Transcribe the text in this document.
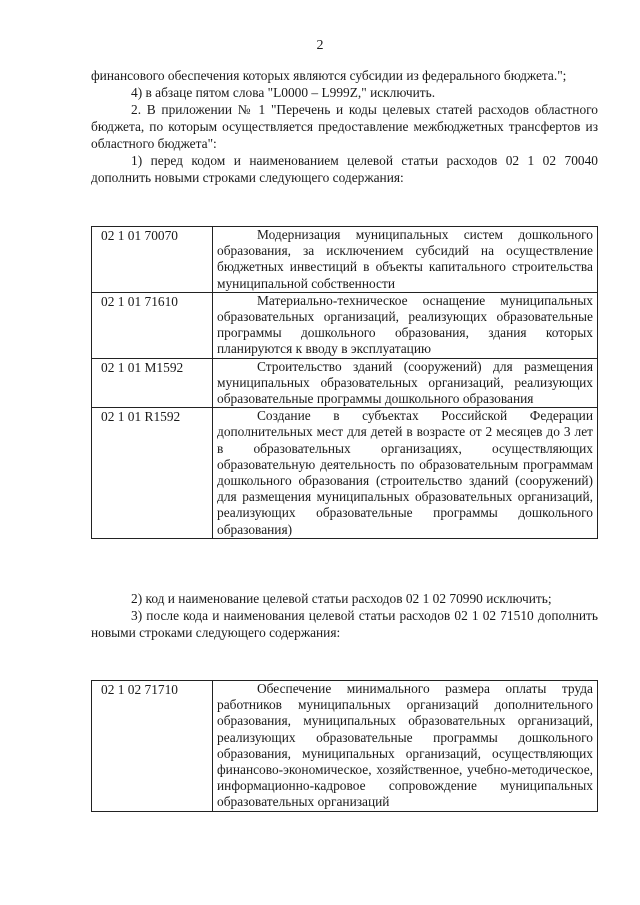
2

финансового обеспечения которых являются субсидии из федерального бюджета.";

4) в абзаце пятом слова "L0000 – L999Z," исключить.

2. В приложении № 1 "Перечень и коды целевых статей расходов областного бюджета, по которым осуществляется предоставление межбюджетных трансфертов из областного бюджета":

1) перед кодом и наименованием целевой статьи расходов 02 1 02 70040 дополнить новыми строками следующего содержания:

02 1 01 70070	Модернизация муниципальных систем дошкольного образования, за исключением субсидий на осуществление бюджетных инвестиций в объекты капитального строительства муниципальной собственности
02 1 01 71610	Материально-техническое оснащение муниципальных образовательных организаций, реализующих образовательные программы дошкольного образования, здания которых планируются к вводу в эксплуатацию
02 1 01 M1592	Строительство зданий (сооружений) для размещения муниципальных образовательных организаций, реализующих образовательные программы дошкольного образования
02 1 01 R1592	Создание в субъектах Российской Федерации дополнительных мест для детей в возрасте от 2 месяцев до 3 лет в образовательных организациях, осуществляющих образовательную деятельность по образовательным программам дошкольного образования (строительство зданий (сооружений) для размещения муниципальных образовательных организаций, реализующих образовательные программы дошкольного образования)

2) код и наименование целевой статьи расходов 02 1 02 70990 исключить;

3) после кода и наименования целевой статьи расходов 02 1 02 71510 дополнить новыми строками следующего содержания:

02 1 02 71710	Обеспечение минимального размера оплаты труда работников муниципальных организаций дополнительного образования, муниципальных образовательных организаций, реализующих образовательные программы дошкольного образования, муниципальных организаций, осуществляющих финансово-экономическое, хозяйственное, учебно-методическое, информационно-кадровое сопровождение муниципальных образовательных организаций
